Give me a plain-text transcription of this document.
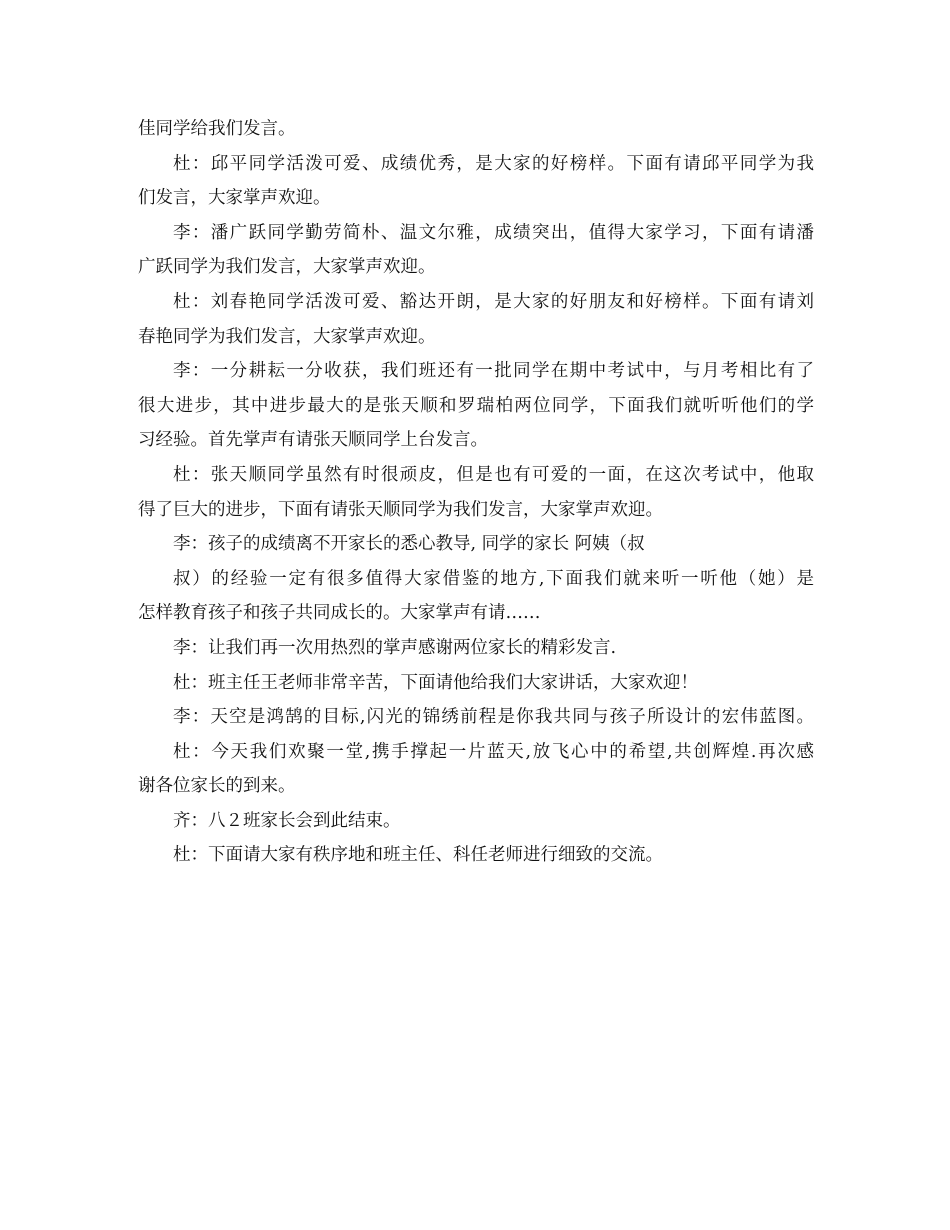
佳同学给我们发言。
杜：邱平同学活泼可爱、成绩优秀，是大家的好榜样。下面有请邱平同学为我
们发言，大家掌声欢迎。
李：潘广跃同学勤劳简朴、温文尔雅，成绩突出，值得大家学习，下面有请潘
广跃同学为我们发言，大家掌声欢迎。
杜：刘春艳同学活泼可爱、豁达开朗，是大家的好朋友和好榜样。下面有请刘
春艳同学为我们发言，大家掌声欢迎。
李：一分耕耘一分收获，我们班还有一批同学在期中考试中，与月考相比有了
很大进步，其中进步最大的是张天顺和罗瑞柏两位同学，下面我们就听听他们的学
习经验。首先掌声有请张天顺同学上台发言。
杜：张天顺同学虽然有时很顽皮，但是也有可爱的一面，在这次考试中，他取
得了巨大的进步，下面有请张天顺同学为我们发言，大家掌声欢迎。
李：孩子的成绩离不开家长的悉心教导, 同学的家长 阿姨（叔
叔）的经验一定有很多值得大家借鉴的地方,下面我们就来听一听他（她）是
怎样教育孩子和孩子共同成长的。大家掌声有请……
李：让我们再一次用热烈的掌声感谢两位家长的精彩发言.
杜：班主任王老师非常辛苦，下面请他给我们大家讲话，大家欢迎！
李：天空是鸿鹄的目标,闪光的锦绣前程是你我共同与孩子所设计的宏伟蓝图。
杜：今天我们欢聚一堂,携手撑起一片蓝天,放飞心中的希望,共创辉煌.再次感
谢各位家长的到来。
齐：八２班家长会到此结束。
杜：下面请大家有秩序地和班主任、科任老师进行细致的交流。
